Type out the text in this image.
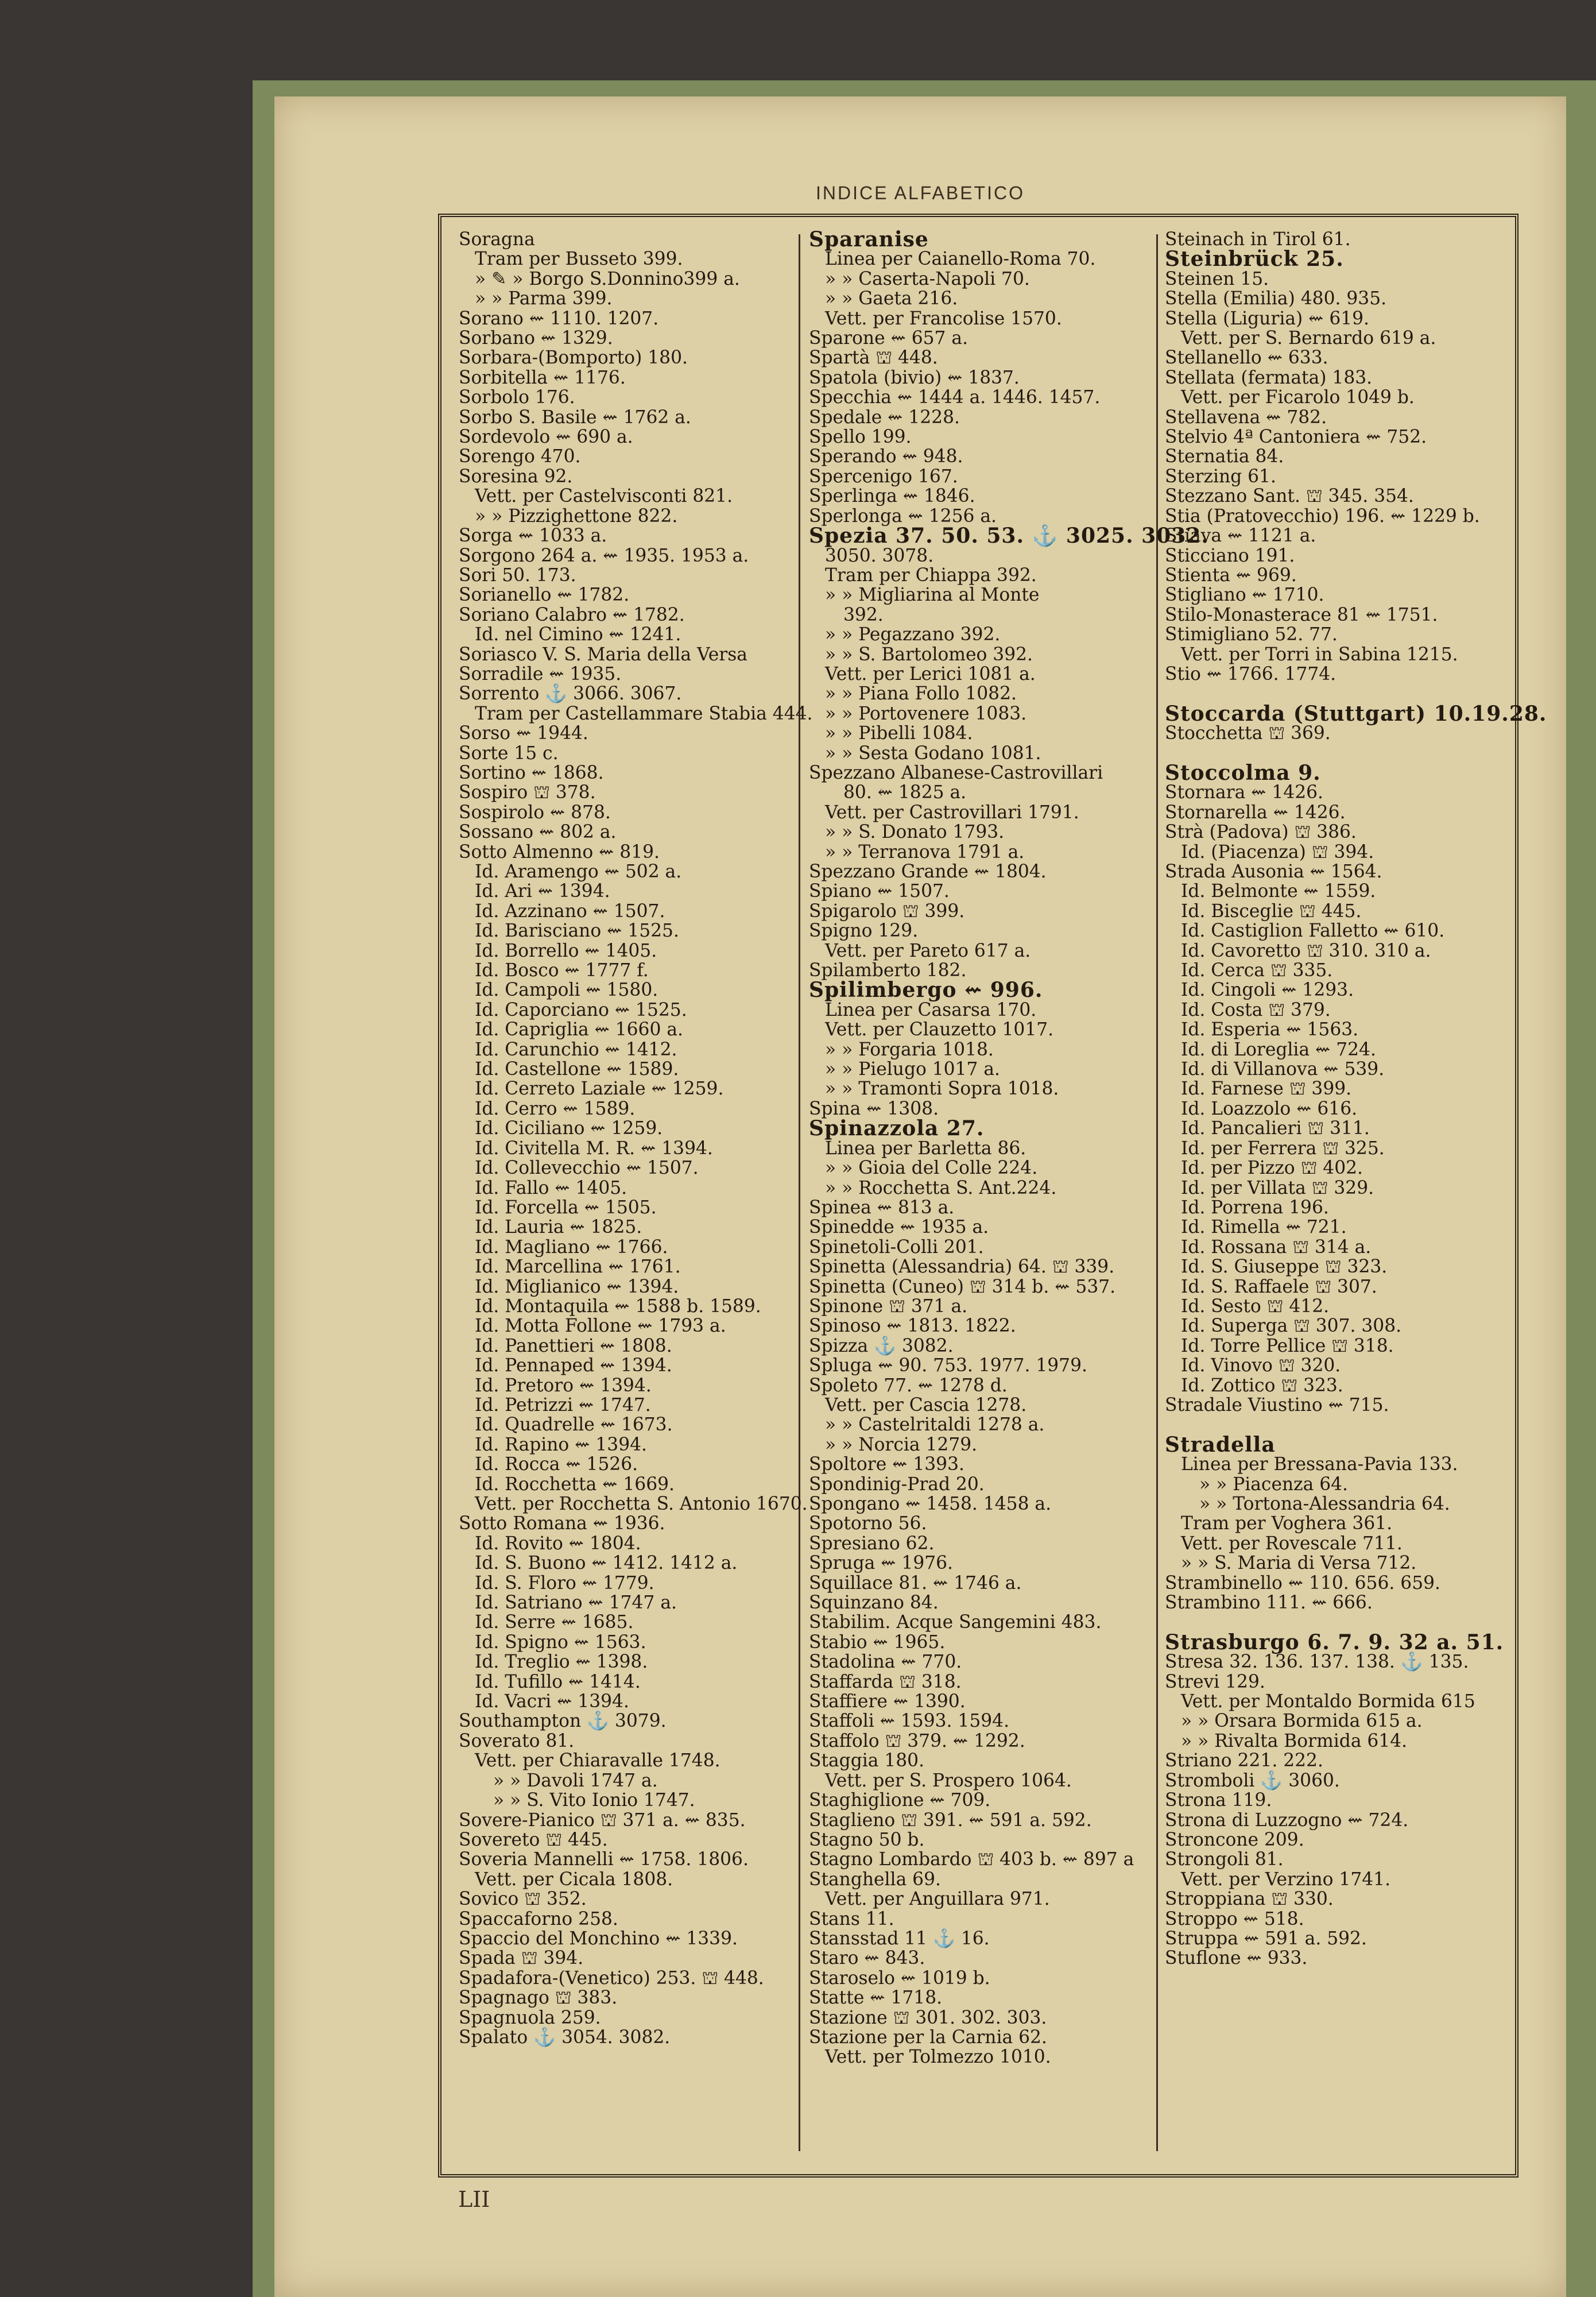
INDICE ALFABETICO
Soragna
Tram per Busseto 399.
» ✎ » Borgo S.Donnino399 a.
» » Parma 399.
Sorano ⇜ 1110. 1207.
Sorbano ⇜ 1329.
Sorbara-(Bomporto) 180.
Sorbitella ⇜ 1176.
Sorbolo 176.
Sorbo S. Basile ⇜ 1762 a.
Sordevolo ⇜ 690 a.
Sorengo 470.
Soresina 92.
Vett. per Castelvisconti 821.
» » Pizzighettone 822.
Sorga ⇜ 1033 a.
Sorgono 264 a. ⇜ 1935. 1953 a.
Sori 50. 173.
Sorianello ⇜ 1782.
Soriano Calabro ⇜ 1782.
Id. nel Cimino ⇜ 1241.
Soriasco V. S. Maria della Versa
Sorradile ⇜ 1935.
Sorrento ⚓ 3066. 3067.
Tram per Castellammare Stabia 444.
Sorso ⇜ 1944.
Sorte 15 c.
Sortino ⇜ 1868.
Sospiro ⛫ 378.
Sospirolo ⇜ 878.
Sossano ⇜ 802 a.
Sotto Almenno ⇜ 819.
Id. Aramengo ⇜ 502 a.
Id. Ari ⇜ 1394.
Id. Azzinano ⇜ 1507.
Id. Barisciano ⇜ 1525.
Id. Borrello ⇜ 1405.
Id. Bosco ⇜ 1777 f.
Id. Campoli ⇜ 1580.
Id. Caporciano ⇜ 1525.
Id. Capriglia ⇜ 1660 a.
Id. Carunchio ⇜ 1412.
Id. Castellone ⇜ 1589.
Id. Cerreto Laziale ⇜ 1259.
Id. Cerro ⇜ 1589.
Id. Ciciliano ⇜ 1259.
Id. Civitella M. R. ⇜ 1394.
Id. Collevecchio ⇜ 1507.
Id. Fallo ⇜ 1405.
Id. Forcella ⇜ 1505.
Id. Lauria ⇜ 1825.
Id. Magliano ⇜ 1766.
Id. Marcellina ⇜ 1761.
Id. Miglianico ⇜ 1394.
Id. Montaquila ⇜ 1588 b. 1589.
Id. Motta Follone ⇜ 1793 a.
Id. Panettieri ⇜ 1808.
Id. Pennaped ⇜ 1394.
Id. Pretoro ⇜ 1394.
Id. Petrizzi ⇜ 1747.
Id. Quadrelle ⇜ 1673.
Id. Rapino ⇜ 1394.
Id. Rocca ⇜ 1526.
Id. Rocchetta ⇜ 1669.
Vett. per Rocchetta S. Antonio 1670.
Sotto Romana ⇜ 1936.
Id. Rovito ⇜ 1804.
Id. S. Buono ⇜ 1412. 1412 a.
Id. S. Floro ⇜ 1779.
Id. Satriano ⇜ 1747 a.
Id. Serre ⇜ 1685.
Id. Spigno ⇜ 1563.
Id. Treglio ⇜ 1398.
Id. Tufillo ⇜ 1414.
Id. Vacri ⇜ 1394.
Southampton ⚓ 3079.
Soverato 81.
Vett. per Chiaravalle 1748.
» » Davoli 1747 a.
» » S. Vito Ionio 1747.
Sovere-Pianico ⛫ 371 a. ⇜ 835.
Sovereto ⛫ 445.
Soveria Mannelli ⇜ 1758. 1806.
Vett. per Cicala 1808.
Sovico ⛫ 352.
Spaccaforno 258.
Spaccio del Monchino ⇜ 1339.
Spada ⛫ 394.
Spadafora-(Venetico) 253. ⛫ 448.
Spagnago ⛫ 383.
Spagnuola 259.
Spalato ⚓ 3054. 3082.
Sparanise
Linea per Caianello-Roma 70.
» » Caserta-Napoli 70.
» » Gaeta 216.
Vett. per Francolise 1570.
Sparone ⇜ 657 a.
Spartà ⛫ 448.
Spatola (bivio) ⇜ 1837.
Specchia ⇜ 1444 a. 1446. 1457.
Spedale ⇜ 1228.
Spello 199.
Sperando ⇜ 948.
Spercenigo 167.
Sperlinga ⇜ 1846.
Sperlonga ⇜ 1256 a.
Spezia 37. 50. 53. ⚓ 3025. 3032.
3050. 3078.
Tram per Chiappa 392.
» » Migliarina al Monte
392.
» » Pegazzano 392.
» » S. Bartolomeo 392.
Vett. per Lerici 1081 a.
» » Piana Follo 1082.
» » Portovenere 1083.
» » Pibelli 1084.
» » Sesta Godano 1081.
Spezzano Albanese-Castrovillari
80. ⇜ 1825 a.
Vett. per Castrovillari 1791.
» » S. Donato 1793.
» » Terranova 1791 a.
Spezzano Grande ⇜ 1804.
Spiano ⇜ 1507.
Spigarolo ⛫ 399.
Spigno 129.
Vett. per Pareto 617 a.
Spilamberto 182.
Spilimbergo ⇜ 996.
Linea per Casarsa 170.
Vett. per Clauzetto 1017.
» » Forgaria 1018.
» » Pielugo 1017 a.
» » Tramonti Sopra 1018.
Spina ⇜ 1308.
Spinazzola 27.
Linea per Barletta 86.
» » Gioia del Colle 224.
» » Rocchetta S. Ant.224.
Spinea ⇜ 813 a.
Spinedde ⇜ 1935 a.
Spinetoli-Colli 201.
Spinetta (Alessandria) 64. ⛫ 339.
Spinetta (Cuneo) ⛫ 314 b. ⇜ 537.
Spinone ⛫ 371 a.
Spinoso ⇜ 1813. 1822.
Spizza ⚓ 3082.
Spluga ⇜ 90. 753. 1977. 1979.
Spoleto 77. ⇜ 1278 d.
Vett. per Cascia 1278.
» » Castelritaldi 1278 a.
» » Norcia 1279.
Spoltore ⇜ 1393.
Spondinig-Prad 20.
Spongano ⇜ 1458. 1458 a.
Spotorno 56.
Spresiano 62.
Spruga ⇜ 1976.
Squillace 81. ⇜ 1746 a.
Squinzano 84.
Stabilim. Acque Sangemini 483.
Stabio ⇜ 1965.
Stadolina ⇜ 770.
Staffarda ⛫ 318.
Staffiere ⇜ 1390.
Staffoli ⇜ 1593. 1594.
Staffolo ⛫ 379. ⇜ 1292.
Staggia 180.
Vett. per S. Prospero 1064.
Staghiglione ⇜ 709.
Staglieno ⛫ 391. ⇜ 591 a. 592.
Stagno 50 b.
Stagno Lombardo ⛫ 403 b. ⇜ 897 a
Stanghella 69.
Vett. per Anguillara 971.
Stans 11.
Stansstad 11 ⚓ 16.
Staro ⇜ 843.
Staroselo ⇜ 1019 b.
Statte ⇜ 1718.
Stazione ⛫ 301. 302. 303.
Stazione per la Carnia 62.
Vett. per Tolmezzo 1010.
Steinach in Tirol 61.
Steinbrück 25.
Steinen 15.
Stella (Emilia) 480. 935.
Stella (Liguria) ⇜ 619.
Vett. per S. Bernardo 619 a.
Stellanello ⇜ 633.
Stellata (fermata) 183.
Vett. per Ficarolo 1049 b.
Stellavena ⇜ 782.
Stelvio 4ª Cantoniera ⇜ 752.
Sternatia 84.
Sterzing 61.
Stezzano Sant. ⛫ 345. 354.
Stia (Pratovecchio) 196. ⇜ 1229 b.
Stiava ⇜ 1121 a.
Sticciano 191.
Stienta ⇜ 969.
Stigliano ⇜ 1710.
Stilo-Monasterace 81 ⇜ 1751.
Stimigliano 52. 77.
Vett. per Torri in Sabina 1215.
Stio ⇜ 1766. 1774.

Stoccarda (Stuttgart) 10.19.28.
Stocchetta ⛫ 369.

Stoccolma 9.
Stornara ⇜ 1426.
Stornarella ⇜ 1426.
Strà (Padova) ⛫ 386.
Id. (Piacenza) ⛫ 394.
Strada Ausonia ⇜ 1564.
Id. Belmonte ⇜ 1559.
Id. Bisceglie ⛫ 445.
Id. Castiglion Falletto ⇜ 610.
Id. Cavoretto ⛫ 310. 310 a.
Id. Cerca ⛫ 335.
Id. Cingoli ⇜ 1293.
Id. Costa ⛫ 379.
Id. Esperia ⇜ 1563.
Id. di Loreglia ⇜ 724.
Id. di Villanova ⇜ 539.
Id. Farnese ⛫ 399.
Id. Loazzolo ⇜ 616.
Id. Pancalieri ⛫ 311.
Id. per Ferrera ⛫ 325.
Id. per Pizzo ⛫ 402.
Id. per Villata ⛫ 329.
Id. Porrena 196.
Id. Rimella ⇜ 721.
Id. Rossana ⛫ 314 a.
Id. S. Giuseppe ⛫ 323.
Id. S. Raffaele ⛫ 307.
Id. Sesto ⛫ 412.
Id. Superga ⛫ 307. 308.
Id. Torre Pellice ⛫ 318.
Id. Vinovo ⛫ 320.
Id. Zottico ⛫ 323.
Stradale Viustino ⇜ 715.

Stradella
Linea per Bressana-Pavia 133.
» » Piacenza 64.
» » Tortona-Alessandria 64.
Tram per Voghera 361.
Vett. per Rovescale 711.
» » S. Maria di Versa 712.
Strambinello ⇜ 110. 656. 659.
Strambino 111. ⇜ 666.

Strasburgo 6. 7. 9. 32 a. 51.
Stresa 32. 136. 137. 138. ⚓ 135.
Strevi 129.
Vett. per Montaldo Bormida 615
» » Orsara Bormida 615 a.
» » Rivalta Bormida 614.
Striano 221. 222.
Stromboli ⚓ 3060.
Strona 119.
Strona di Luzzogno ⇜ 724.
Stroncone 209.
Strongoli 81.
Vett. per Verzino 1741.
Stroppiana ⛫ 330.
Stroppo ⇜ 518.
Struppa ⇜ 591 a. 592.
Stuflone ⇜ 933.
LII
